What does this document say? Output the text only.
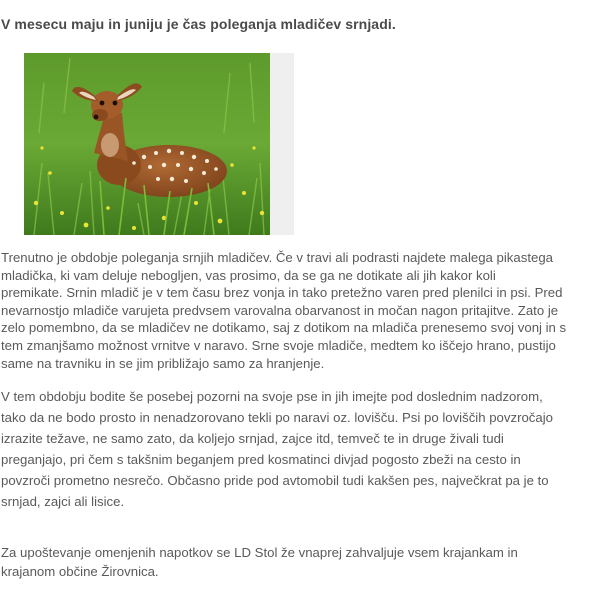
V mesecu maju in juniju je čas poleganja mladičev srnjadi.

Trenutno je obdobje poleganja srnjih mladičev. Če v travi ali podrasti najdete malega pikastega
mladička, ki vam deluje nebogljen, vas prosimo, da se ga ne dotikate ali jih kakor koli
premikate. Srnin mladič je v tem času brez vonja in tako pretežno varen pred plenilci in psi. Pred
nevarnostjo mladiče varujeta predvsem varovalna obarvanost in močan nagon pritajitve. Zato je
zelo pomembno, da se mladičev ne dotikamo, saj z dotikom na mladiča prenesemo svoj vonj in s
tem zmanjšamo možnost vrnitve v naravo. Srne svoje mladiče, medtem ko iščejo hrano, pustijo
same na travniku in se jim približajo samo za hranjenje.

V tem obdobju bodite še posebej pozorni na svoje pse in jih imejte pod doslednim nadzorom,
tako da ne bodo prosto in nenadzorovano tekli po naravi oz. lovišču. Psi po loviščih povzročajo
izrazite težave, ne samo zato, da koljejo srnjad, zajce itd, temveč te in druge živali tudi
preganjajo, pri čem s takšnim beganjem pred kosmatinci divjad pogosto zbeži na cesto in
povzroči prometno nesrečo. Občasno pride pod avtomobil tudi kakšen pes, največkrat pa je to
srnjad, zajci ali lisice.

Za upoštevanje omenjenih napotkov se LD Stol že vnaprej zahvaljuje vsem krajankam in
krajanom občine Žirovnica.
